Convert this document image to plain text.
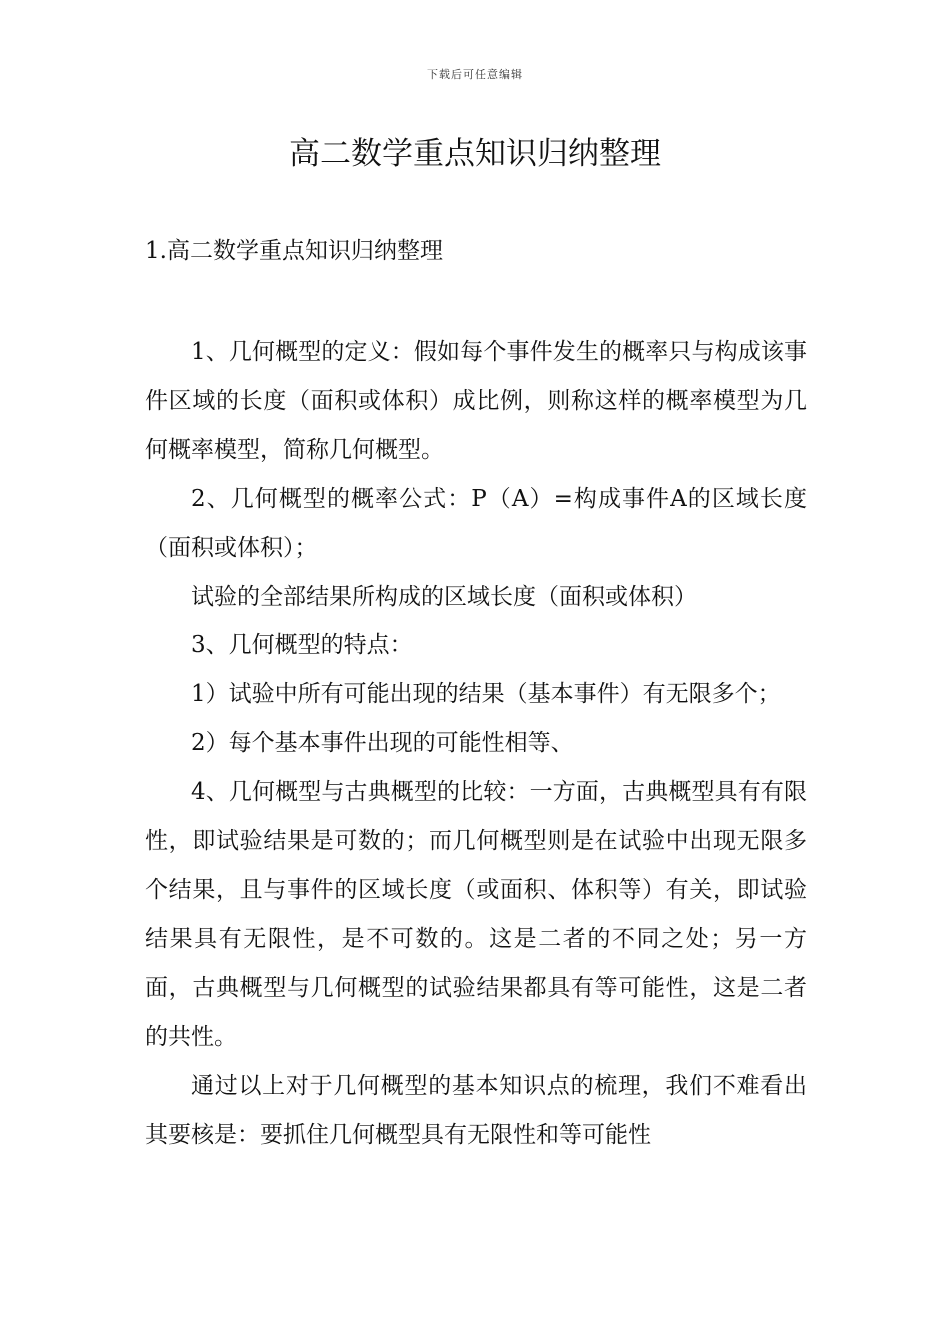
下载后可任意编辑
高二数学重点知识归纳整理
1.高二数学重点知识归纳整理

1、几何概型的定义：假如每个事件发生的概率只与构成该事件区域的长度（面积或体积）成比例，则称这样的概率模型为几何概率模型，简称几何概型。

2、几何概型的概率公式：P（A）=构成事件A的区域长度（面积或体积）；

试验的全部结果所构成的区域长度（面积或体积）

3、几何概型的特点：

1）试验中所有可能出现的结果（基本事件）有无限多个；

2）每个基本事件出现的可能性相等、

4、几何概型与古典概型的比较：一方面，古典概型具有有限性，即试验结果是可数的；而几何概型则是在试验中出现无限多个结果，且与事件的区域长度（或面积、体积等）有关，即试验结果具有无限性，是不可数的。这是二者的不同之处；另一方面，古典概型与几何概型的试验结果都具有等可能性，这是二者的共性。

通过以上对于几何概型的基本知识点的梳理，我们不难看出其要核是：要抓住几何概型具有无限性和等可能性
